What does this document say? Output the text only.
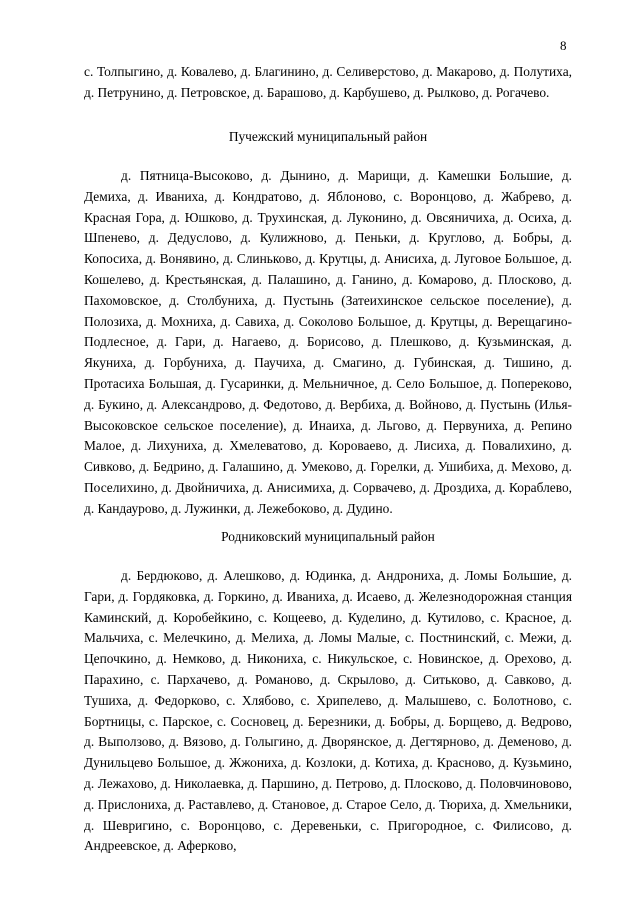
8
с. Толпыгино, д. Ковалево, д. Благинино, д. Селиверстово, д. Макарово, д. Полутиха, д. Петрунино, д. Петровское, д. Барашово, д. Карбушево, д. Рылково, д. Рогачево.
Пучежский муниципальный район
д. Пятница-Высоково, д. Дынино, д. Марищи, д. Камешки Большие, д. Демиха, д. Иваниха, д. Кондратово, д. Яблоново, с. Воронцово, д. Жабрево, д. Красная Гора, д. Юшково, д. Трухинская, д. Луконино, д. Овсяничиха, д. Осиха, д. Шпенево, д. Дедуслово, д. Кулижново, д. Пеньки, д. Круглово, д. Бобры, д. Копосиха, д. Вонявино, д. Слиньково, д. Крутцы, д. Анисиха, д. Луговое Большое, д. Кошелево, д. Крестьянская, д. Палашино, д. Ганино, д. Комарово, д. Плосково, д. Пахомовское, д. Столбуниха, д. Пустынь (Затеихинское сельское поселение), д. Полозиха, д. Мохниха, д. Савиха, д. Соколово Большое, д. Крутцы, д. Верещагино-Подлесное, д. Гари, д. Нагаево, д. Борисово, д. Плешково, д. Кузьминская, д. Якуниха, д. Горбуниха, д. Паучиха, д. Смагино, д. Губинская, д. Тишино, д. Протасиха Большая, д. Гусаринки, д. Мельничное, д. Село Большое, д. Попереково, д. Букино, д. Александрово, д. Федотово, д. Вербиха, д. Войново, д. Пустынь (Илья-Высоковское сельское поселение), д. Инаиха, д. Льгово, д. Первуниха, д. Репино Малое, д. Лихуниха, д. Хмелеватово, д. Короваево, д. Лисиха, д. Повалихино, д. Сивково, д. Бедрино, д. Галашино, д. Умеково, д. Горелки, д. Ушибиха, д. Мехово, д. Поселихино, д. Двойничиха, д. Анисимиха, д. Сорвачево, д. Дроздиха, д. Кораблево, д. Кандаурово, д. Лужинки, д. Лежебоково, д. Дудино.
Родниковский муниципальный район
д. Бердюково, д. Алешково, д. Юдинка, д. Андрониха, д. Ломы Большие, д. Гари, д. Гордяковка, д. Горкино, д. Иваниха, д. Исаево, д. Железнодорожная станция Каминский, д. Коробейкино, с. Кощеево, д. Куделино, д. Кутилово, с. Красное, д. Мальчиха, с. Мелечкино, д. Мелиха, д. Ломы Малые, с. Постнинский, с. Межи, д. Цепочкино, д. Немково, д. Никониха, с. Никульское, с. Новинское, д. Орехово, д. Парахино, с. Пархачево, д. Романово, д. Скрылово, д. Ситьково, д. Савково, д. Тушиха, д. Федорково, с. Хлябово, с. Хрипелево, д. Малышево, с. Болотново, с. Бортницы, с. Парское, с. Сосновец, д. Березники, д. Бобры, д. Борщево, д. Ведрово, д. Выползово, д. Вязово, д. Голыгино, д. Дворянское, д. Дегтярново, д. Деменово, д. Дунильцево Большое, д. Жжониха, д. Козлоки, д. Котиха, д. Красново, д. Кузьмино, д. Лежахово, д. Николаевка, д. Паршино, д. Петрово, д. Плосково, д. Половчиновово, д. Прислониха, д. Раставлево, д. Становое, д. Старое Село, д. Тюриха, д. Хмельники, д. Шевригино, с. Воронцово, с. Деревеньки, с. Пригородное, с. Филисово, д. Андреевское, д. Аферково,
